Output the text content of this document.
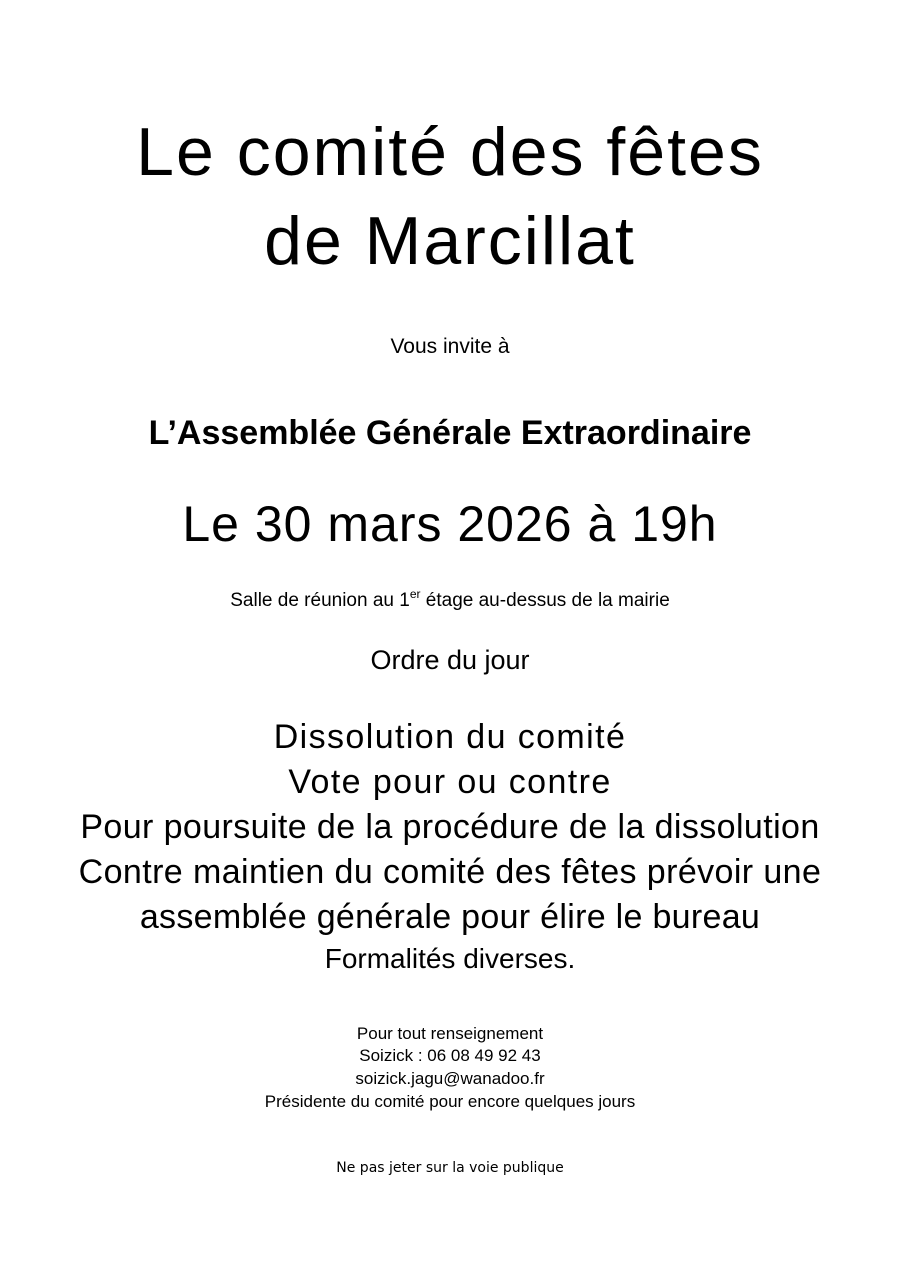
Le comité des fêtes
de Marcillat
Vous invite à
L’Assemblée Générale Extraordinaire
Le 30 mars 2026 à 19h
Salle de réunion au 1er étage au-dessus de la mairie
Ordre du jour
Dissolution du comité
Vote pour ou contre
Pour poursuite de la procédure de la dissolution
Contre maintien du comité des fêtes prévoir une
assemblée générale pour élire le bureau
Formalités diverses.
Pour tout renseignement
Soizick : 06 08 49 92 43
soizick.jagu@wanadoo.fr
Présidente du comité pour encore quelques jours
Ne pas jeter sur la voie publique
